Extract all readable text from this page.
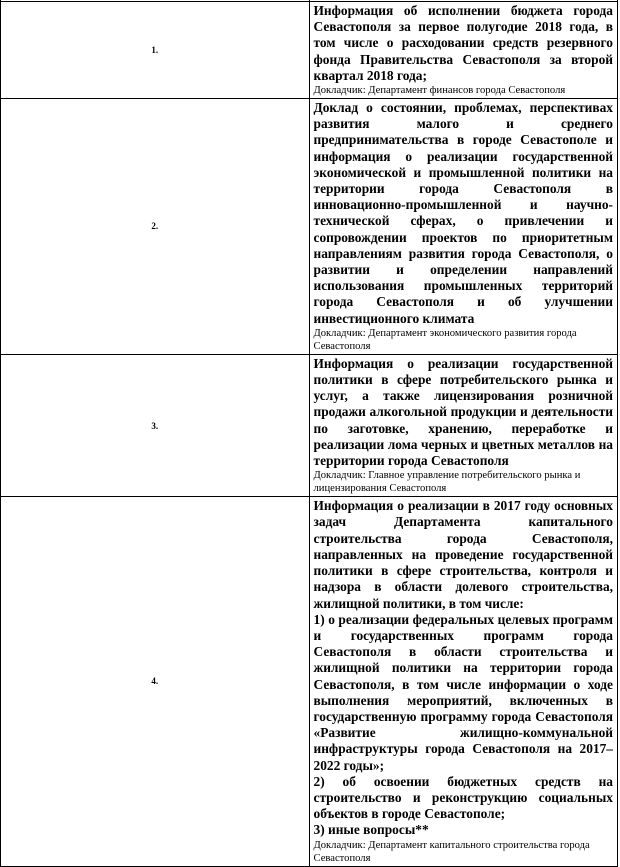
1.	Информация об исполнении бюджета города Севастополя за первое полугодие 2018 года, в том числе о расходовании средств резервного фонда Правительства Севастополя за второй квартал 2018 года;

Докладчик: Департамент финансов города Севастополя

2.	Доклад о состоянии, проблемах, перспективах развития малого и среднего предпринимательства в городе Севастополе и информация о реализации государственной экономической и промышленной политики на территории города Севастополя в инновационно-промышленной и научно-технической сферах, о привлечении и сопровождении проектов по приоритетным направлениям развития города Севастополя, о развитии и определении направлений использования промышленных территорий города Севастополя и об улучшении инвестиционного климата

Докладчик: Департамент экономического развития города Севастополя

3.	Информация о реализации государственной политики в сфере потребительского рынка и услуг, а также лицензирования розничной продажи алкогольной продукции и деятельности по заготовке, хранению, переработке и реализации лома черных и цветных металлов на территории города Севастополя

Докладчик: Главное управление потребительского рынка и лицензирования Севастополя

4.	Информация о реализации в 2017 году основных задач Департамента капитального строительства города Севастополя, направленных на проведение государственной политики в сфере строительства, контроля и надзора в области долевого строительства, жилищной политики, в том числе:

1) о реализации федеральных целевых программ и государственных программ города Севастополя в области строительства и жилищной политики на территории города Севастополя, в том числе информации о ходе выполнения мероприятий, включенных в государственную программу города Севастополя «Развитие жилищно-коммунальной инфраструктуры города Севастополя на 2017–2022 годы»;

2) об освоении бюджетных средств на строительство и реконструкцию социальных объектов в городе Севастополе;

3) иные вопросы**

Докладчик: Департамент капитального строительства города Севастополя
